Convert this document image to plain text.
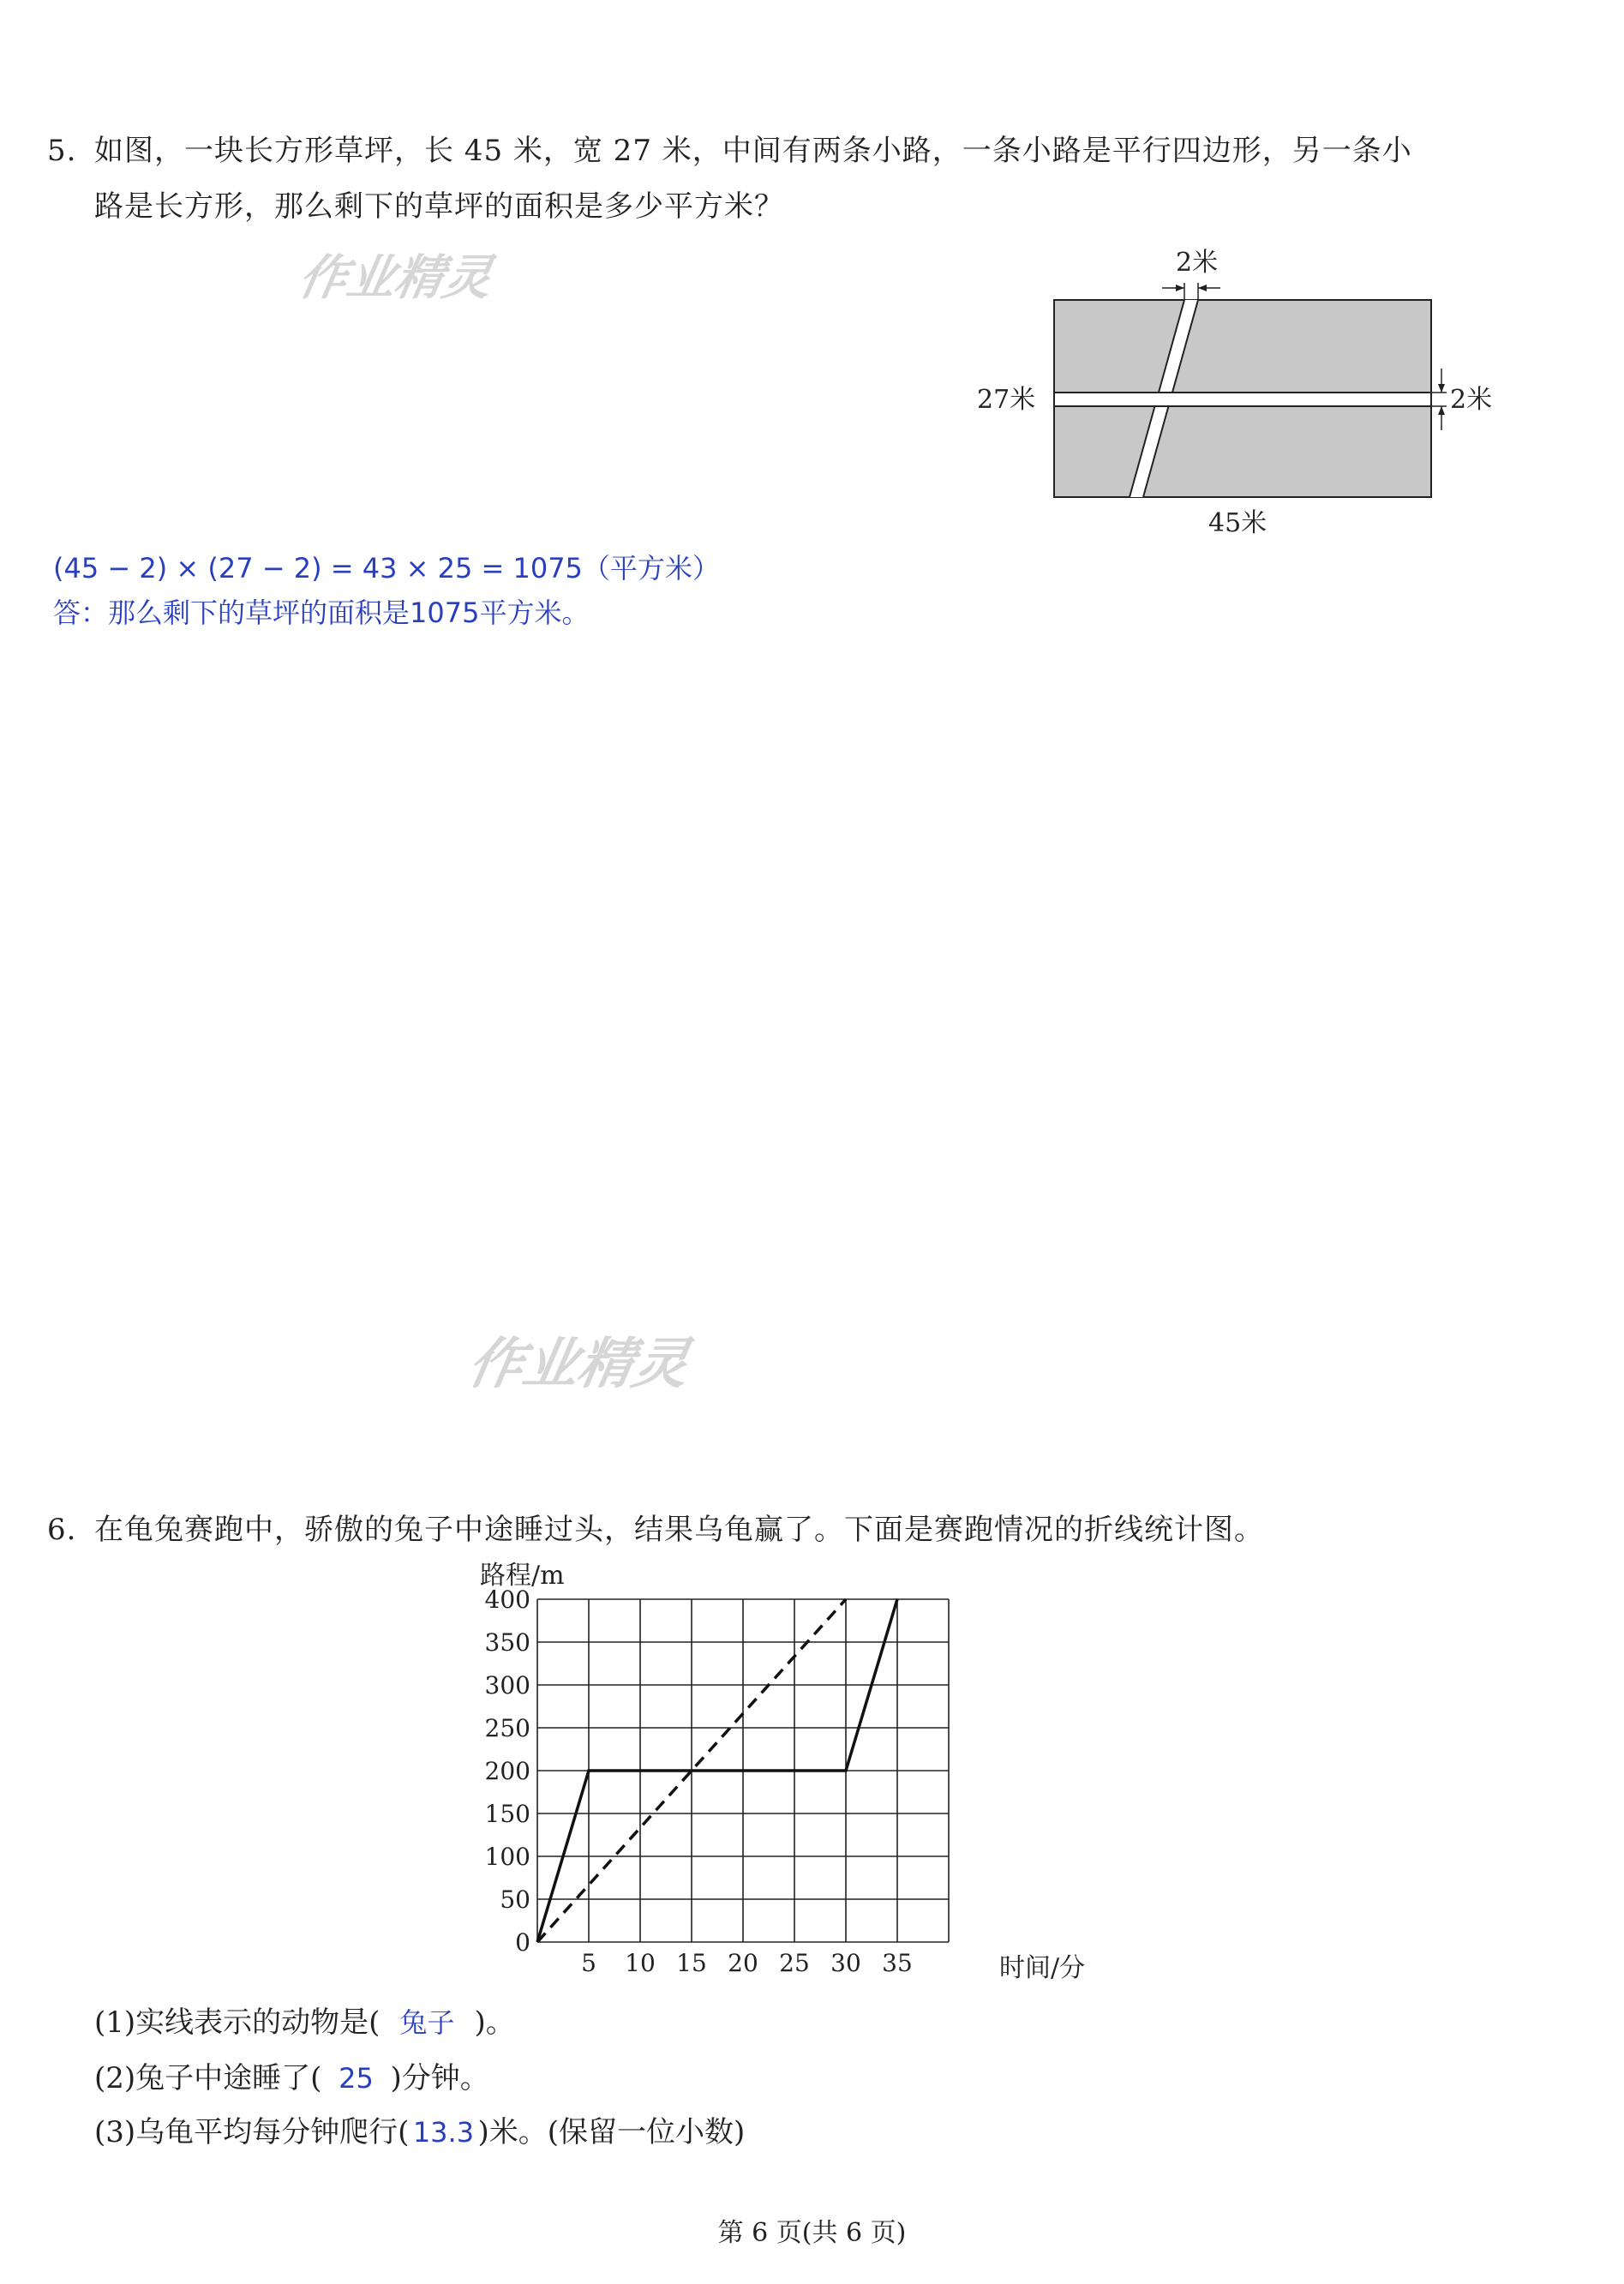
5. 如图，一块长方形草坪，长 45 米，宽 27 米，中间有两条小路，一条小路是平行四边形，另一条小
路是长方形，那么剩下的草坪的面积是多少平方米？
作业精灵	2米
2米
27米
45米
(45 − 2) × (27 − 2) = 43 × 25 = 1075（平方米）
答：那么剩下的草坪的面积是1075平方米。
作业精灵
6. 在龟兔赛跑中，骄傲的兔子中途睡过头，结果乌龟赢了。下面是赛跑情况的折线统计图。
路程/m
时间/分
0
50
100
150
200
250
300
350
400
5 10 15 20 25 30 35
(1)实线表示的动物是( 兔子 )。
(2)兔子中途睡了( 25 )分钟。
(3)乌龟平均每分钟爬行( 13.3 )米。(保留一位小数)
第 6 页(共 6 页)
